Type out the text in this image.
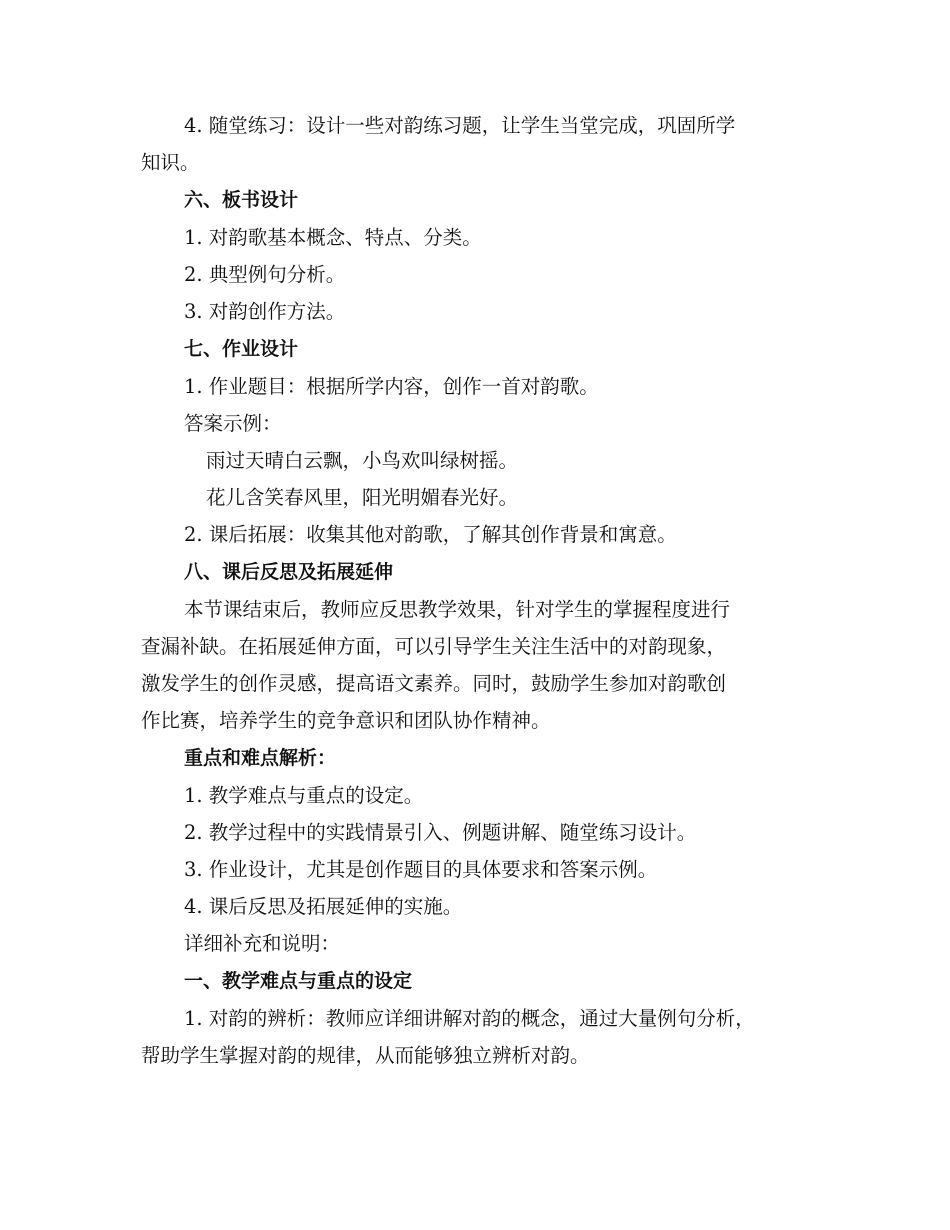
4. 随堂练习：设计一些对韵练习题，让学生当堂完成，巩固所学
知识。
六、板书设计
1. 对韵歌基本概念、特点、分类。
2. 典型例句分析。
3. 对韵创作方法。
七、作业设计
1. 作业题目：根据所学内容，创作一首对韵歌。
答案示例：
雨过天晴白云飘，小鸟欢叫绿树摇。
花儿含笑春风里，阳光明媚春光好。
2. 课后拓展：收集其他对韵歌，了解其创作背景和寓意。
八、课后反思及拓展延伸
本节课结束后，教师应反思教学效果，针对学生的掌握程度进行
查漏补缺。在拓展延伸方面，可以引导学生关注生活中的对韵现象，
激发学生的创作灵感，提高语文素养。同时，鼓励学生参加对韵歌创
作比赛，培养学生的竞争意识和团队协作精神。
重点和难点解析：
1. 教学难点与重点的设定。
2. 教学过程中的实践情景引入、例题讲解、随堂练习设计。
3. 作业设计，尤其是创作题目的具体要求和答案示例。
4. 课后反思及拓展延伸的实施。
详细补充和说明：
一、教学难点与重点的设定
1. 对韵的辨析：教师应详细讲解对韵的概念，通过大量例句分析，
帮助学生掌握对韵的规律，从而能够独立辨析对韵。
